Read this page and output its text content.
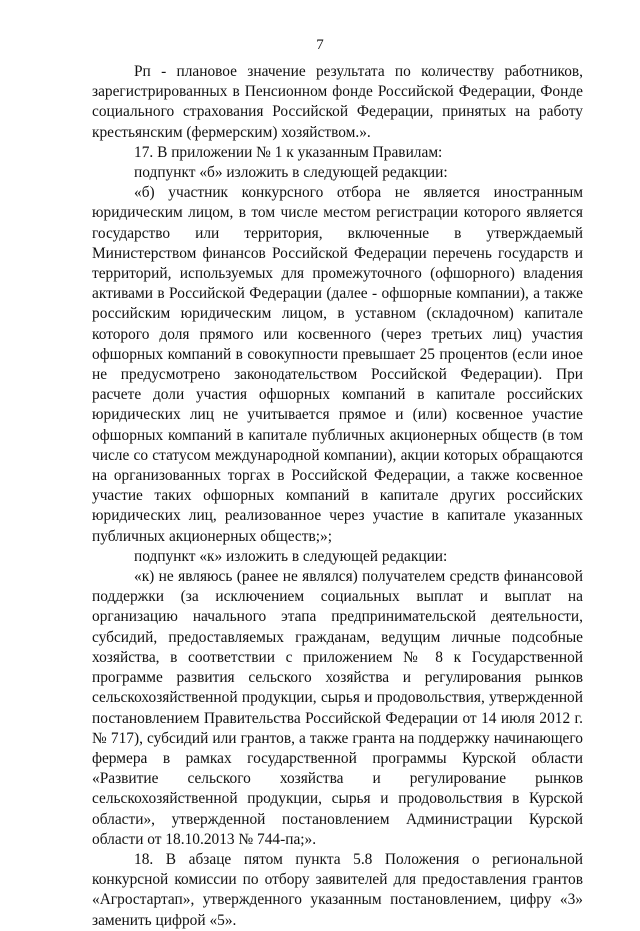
7

Рп - плановое значение результата по количеству работников, зарегистрированных в Пенсионном фонде Российской Федерации, Фонде социального страхования Российской Федерации, принятых на работу крестьянским (фермерским) хозяйством.».

17. В приложении № 1 к указанным Правилам:

подпункт «б» изложить в следующей редакции:

«б) участник конкурсного отбора не является иностранным юридическим лицом, в том числе местом регистрации которого является государство или территория, включенные в утверждаемый Министерством финансов Российской Федерации перечень государств и территорий, используемых для промежуточного (офшорного) владения активами в Российской Федерации (далее - офшорные компании), а также российским юридическим лицом, в уставном (складочном) капитале которого доля прямого или косвенного (через третьих лиц) участия офшорных компаний в совокупности превышает 25 процентов (если иное не предусмотрено законодательством Российской Федерации). При расчете доли участия офшорных компаний в капитале российских юридических лиц не учитывается прямое и (или) косвенное участие офшорных компаний в капитале публичных акционерных обществ (в том числе со статусом международной компании), акции которых обращаются на организованных торгах в Российской Федерации, а также косвенное участие таких офшорных компаний в капитале других российских юридических лиц, реализованное через участие в капитале указанных публичных акционерных обществ;»;

подпункт «к» изложить в следующей редакции:

«к) не являюсь (ранее не являлся) получателем средств финансовой поддержки (за исключением социальных выплат и выплат на организацию начального этапа предпринимательской деятельности, субсидий, предоставляемых гражданам, ведущим личные подсобные хозяйства, в соответствии с приложением № 8 к Государственной программе развития сельского хозяйства и регулирования рынков сельскохозяйственной продукции, сырья и продовольствия, утвержденной постановлением Правительства Российской Федерации от 14 июля 2012 г. № 717), субсидий или грантов, а также гранта на поддержку начинающего фермера в рамках государственной программы Курской области «Развитие сельского хозяйства и регулирование рынков сельскохозяйственной продукции, сырья и продовольствия в Курской области», утвержденной постановлением Администрации Курской области от 18.10.2013 № 744-па;».

18. В абзаце пятом пункта 5.8 Положения о региональной конкурсной комиссии по отбору заявителей для предоставления грантов «Агростартап», утвержденного указанным постановлением, цифру «3» заменить цифрой «5».
